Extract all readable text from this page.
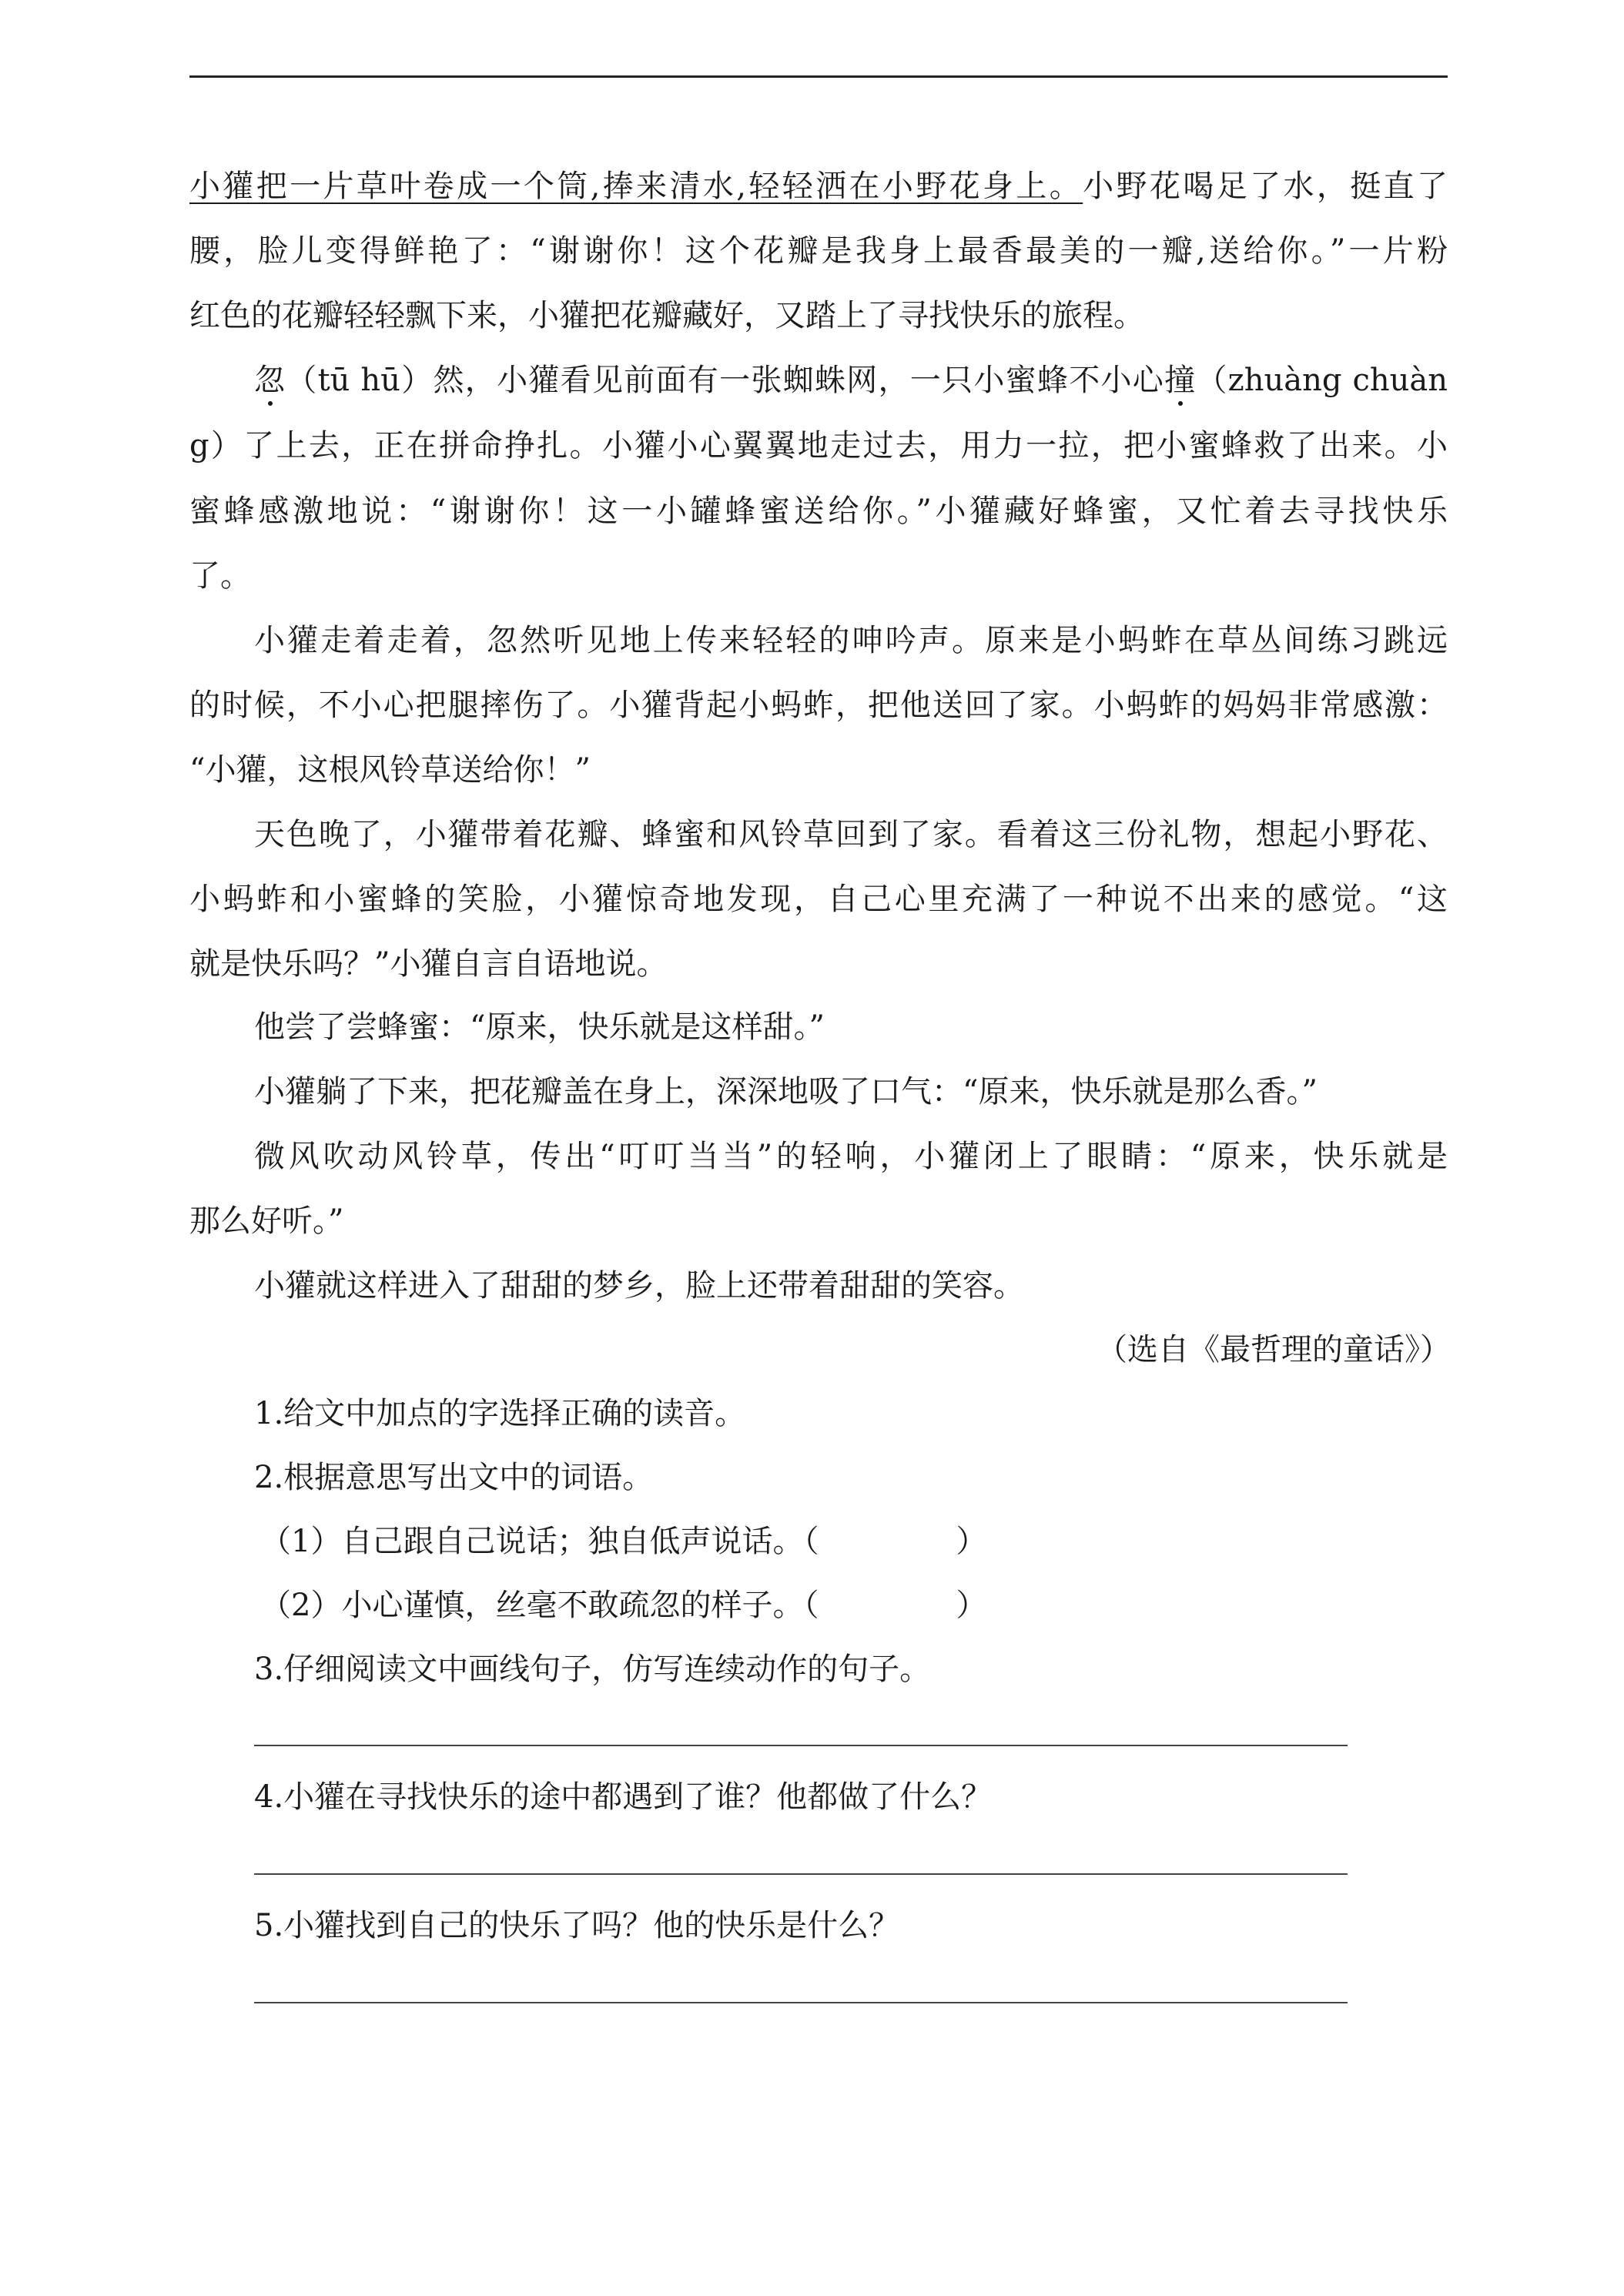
小獾把一片草叶卷成一个筒,捧来清水,轻轻洒在小野花身上。小野花喝足了水，挺直了
腰，脸儿变得鲜艳了：“谢谢你！这个花瓣是我身上最香最美的一瓣,送给你。”一片粉
红色的花瓣轻轻飘下来，小獾把花瓣藏好，又踏上了寻找快乐的旅程。
忽（tū hū）然，小獾看见前面有一张蜘蛛网，一只小蜜蜂不小心撞（zhuàng chuàn
g）了上去，正在拼命挣扎。小獾小心翼翼地走过去，用力一拉，把小蜜蜂救了出来。小
蜜蜂感激地说：“谢谢你！这一小罐蜂蜜送给你。”小獾藏好蜂蜜，又忙着去寻找快乐
了。
小獾走着走着，忽然听见地上传来轻轻的呻吟声。原来是小蚂蚱在草丛间练习跳远
的时候，不小心把腿摔伤了。小獾背起小蚂蚱，把他送回了家。小蚂蚱的妈妈非常感激：
“小獾，这根风铃草送给你！”
天色晚了，小獾带着花瓣、蜂蜜和风铃草回到了家。看着这三份礼物，想起小野花、
小蚂蚱和小蜜蜂的笑脸，小獾惊奇地发现，自己心里充满了一种说不出来的感觉。“这
就是快乐吗？”小獾自言自语地说。
他尝了尝蜂蜜：“原来，快乐就是这样甜。”
小獾躺了下来，把花瓣盖在身上，深深地吸了口气：“原来，快乐就是那么香。”
微风吹动风铃草，传出“叮叮当当”的轻响，小獾闭上了眼睛：“原来，快乐就是
那么好听。”
小獾就这样进入了甜甜的梦乡，脸上还带着甜甜的笑容。
（选自《最哲理的童话》）
1.给文中加点的字选择正确的读音。
2.根据意思写出文中的词语。
（1）自己跟自己说话；独自低声说话。（              ）
（2）小心谨慎，丝毫不敢疏忽的样子。（              ）
3.仔细阅读文中画线句子，仿写连续动作的句子。
4.小獾在寻找快乐的途中都遇到了谁？他都做了什么？
5.小獾找到自己的快乐了吗？他的快乐是什么？
